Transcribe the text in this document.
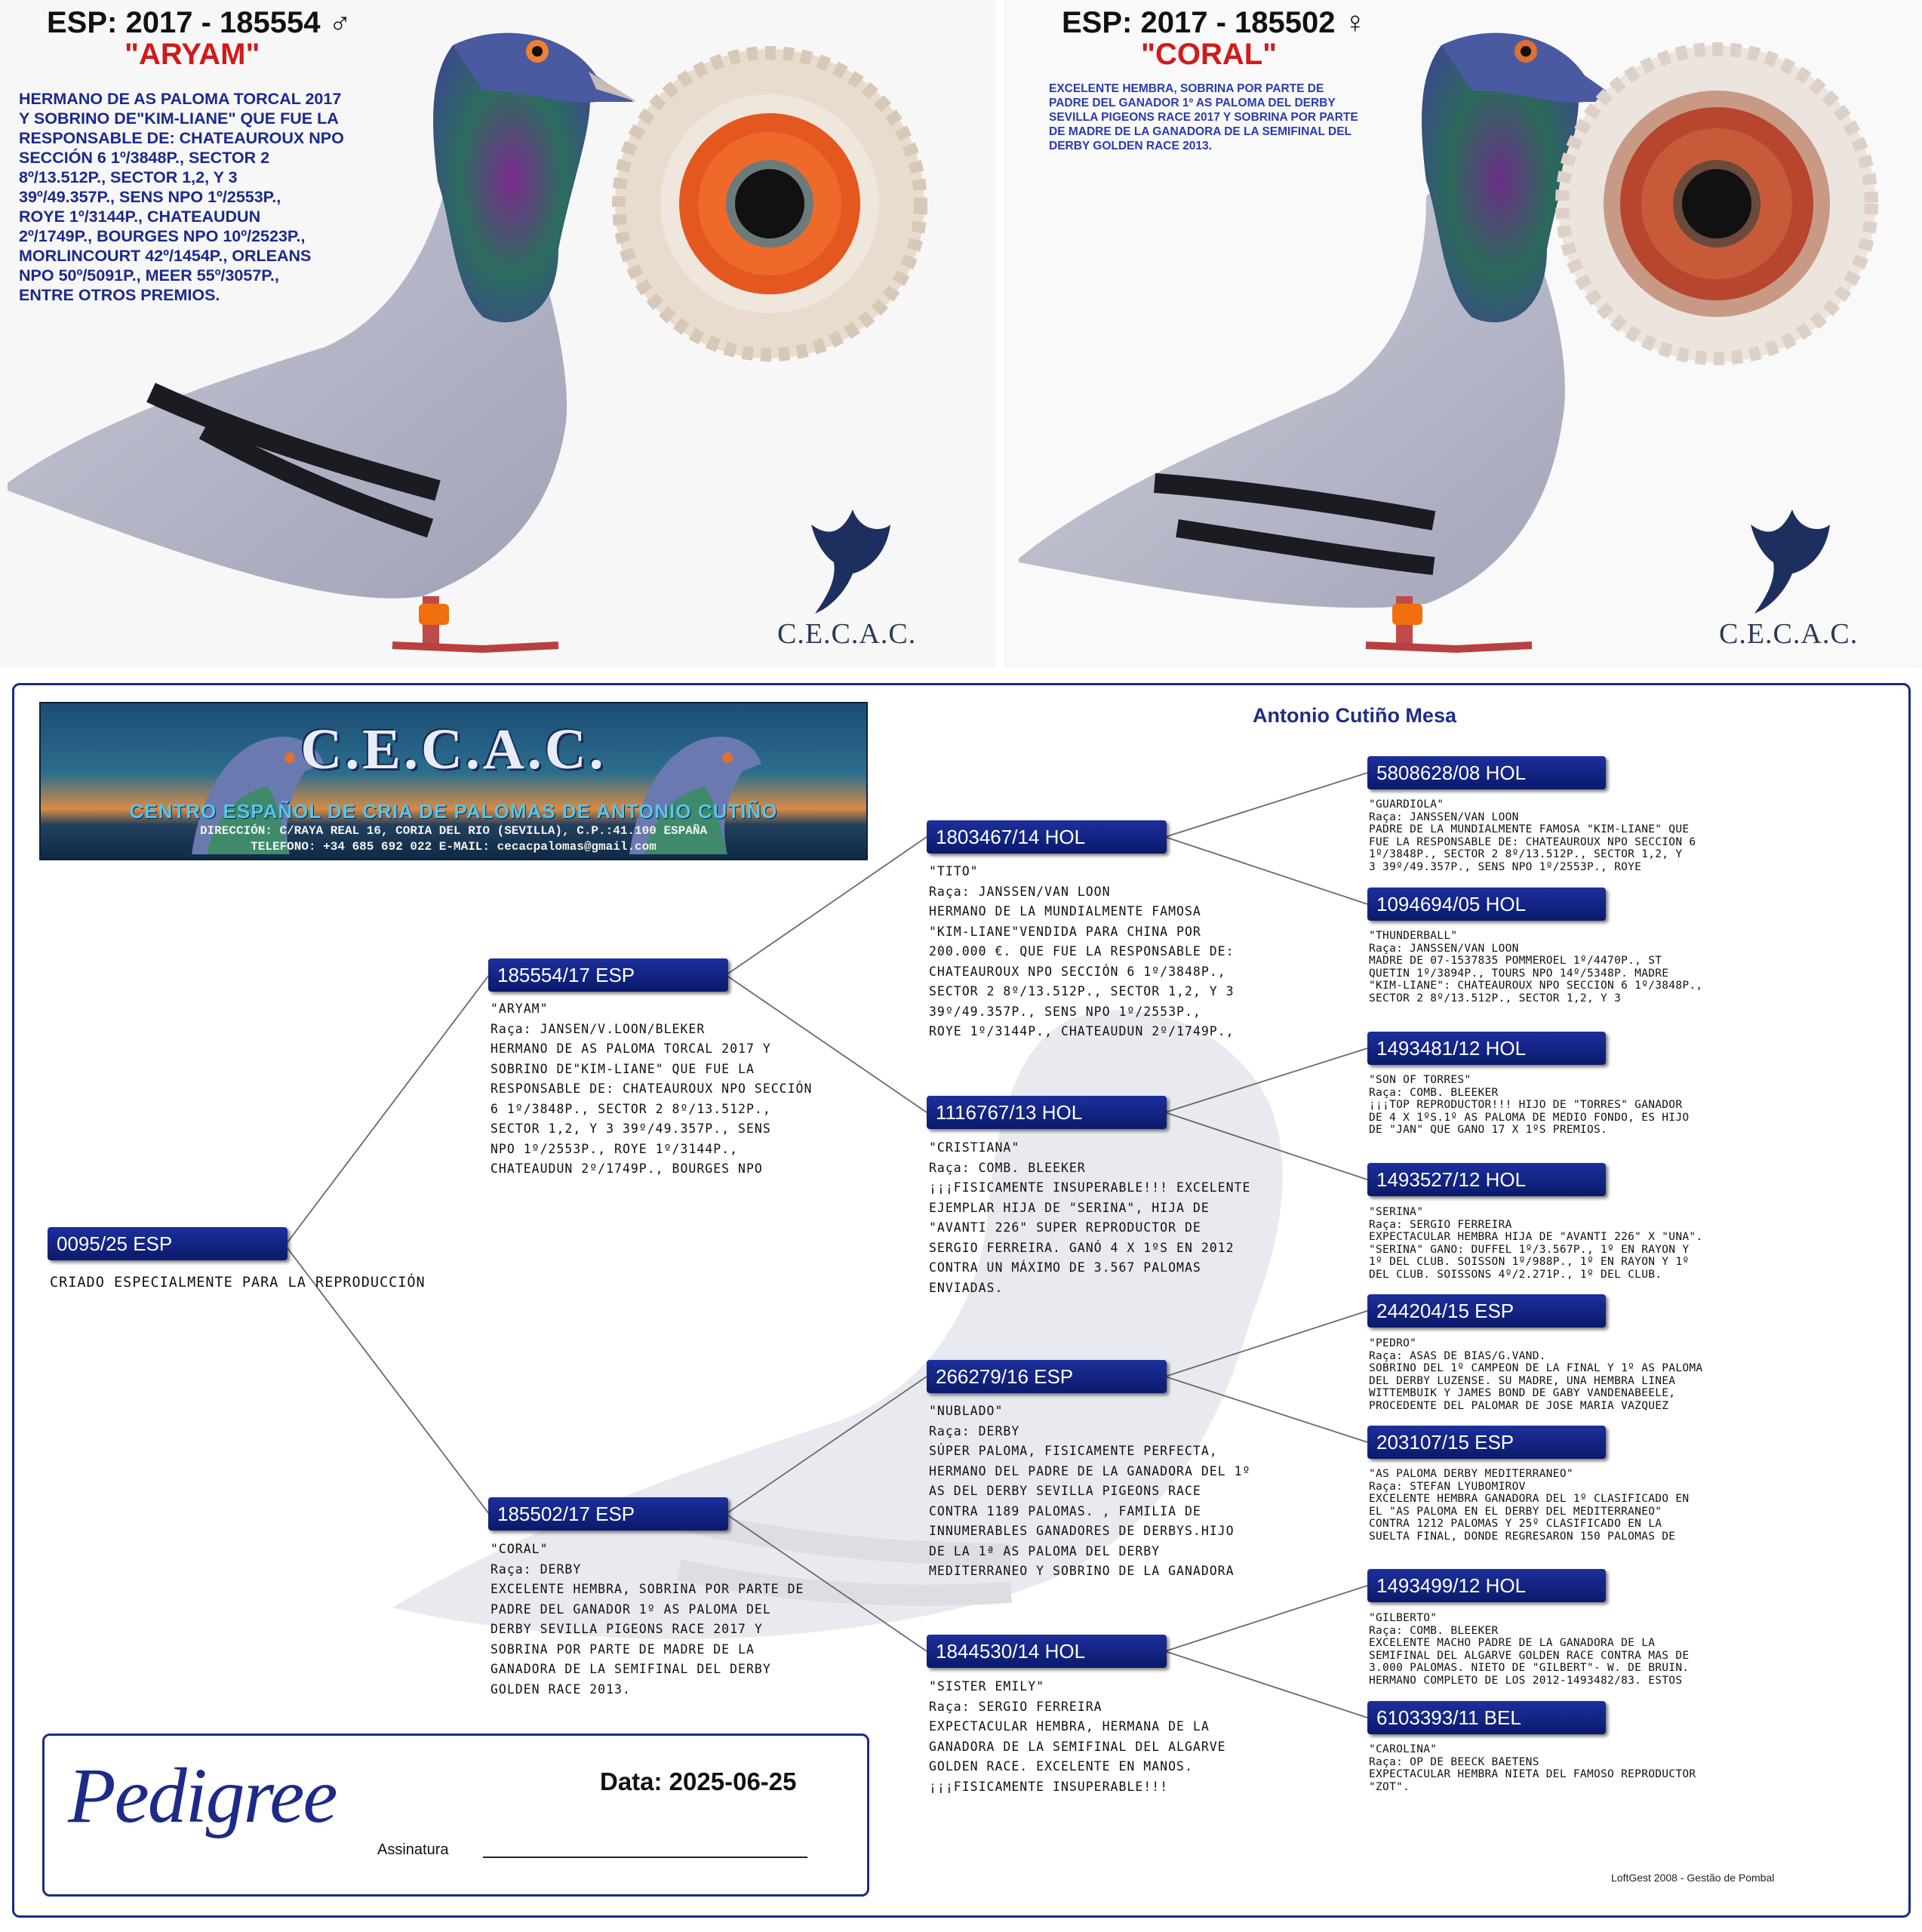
ESP: 2017 - 185554 ♂
"ARYAM"
HERMANO DE AS PALOMA TORCAL 2017
Y SOBRINO DE"KIM-LIANE" QUE FUE LA
RESPONSABLE DE: CHATEAUROUX NPO
SECCIÓN 6 1º/3848P., SECTOR 2
8º/13.512P., SECTOR 1,2, Y 3
39º/49.357P., SENS NPO 1º/2553P.,
ROYE 1º/3144P., CHATEAUDUN
2º/1749P., BOURGES NPO 10º/2523P.,
MORLINCOURT 42º/1454P., ORLEANS
NPO 50º/5091P., MEER 55º/3057P.,
ENTRE OTROS PREMIOS.
C.E.C.A.C.
ESP: 2017 - 185502 ♀
"CORAL"
EXCELENTE HEMBRA, SOBRINA POR PARTE DE
PADRE DEL GANADOR 1º AS PALOMA DEL DERBY
SEVILLA PIGEONS RACE 2017 Y SOBRINA POR PARTE
DE MADRE DE LA GANADORA DE LA SEMIFINAL DEL
DERBY GOLDEN RACE 2013.
C.E.C.A.C.
C.E.C.A.C.
CENTRO ESPAÑOL DE CRIA DE PALOMAS DE ANTONIO CUTIÑO
DIRECCIÓN: C/RAYA REAL 16, CORIA DEL RIO (SEVILLA), C.P.:41.100 ESPAÑA
TELEFONO: +34 685 692 022 E-MAIL: cecacpalomas@gmail.com
Antonio Cutiño Mesa
0095/25 ESP
CRIADO ESPECIALMENTE PARA LA REPRODUCCIÓN
185554/17 ESP
"ARYAM"
Raça: JANSEN/V.LOON/BLEKER
HERMANO DE AS PALOMA TORCAL 2017 Y
SOBRINO DE"KIM-LIANE" QUE FUE LA
RESPONSABLE DE: CHATEAUROUX NPO SECCIÓN
6 1º/3848P., SECTOR 2 8º/13.512P.,
SECTOR 1,2, Y 3 39º/49.357P., SENS
NPO 1º/2553P., ROYE 1º/3144P.,
CHATEAUDUN 2º/1749P., BOURGES NPO
185502/17 ESP
"CORAL"
Raça: DERBY
EXCELENTE HEMBRA, SOBRINA POR PARTE DE
PADRE DEL GANADOR 1º AS PALOMA DEL
DERBY SEVILLA PIGEONS RACE 2017 Y
SOBRINA POR PARTE DE MADRE DE LA
GANADORA DE LA SEMIFINAL DEL DERBY
GOLDEN RACE 2013.
1803467/14 HOL
"TITO"
Raça: JANSSEN/VAN LOON
HERMANO DE LA MUNDIALMENTE FAMOSA
"KIM-LIANE"VENDIDA PARA CHINA POR
200.000 €. QUE FUE LA RESPONSABLE DE:
CHATEAUROUX NPO SECCIÓN 6 1º/3848P.,
SECTOR 2 8º/13.512P., SECTOR 1,2, Y 3
39º/49.357P., SENS NPO 1º/2553P.,
ROYE 1º/3144P., CHATEAUDUN 2º/1749P.,
1116767/13 HOL
"CRISTIANA"
Raça: COMB. BLEEKER
¡¡¡FISICAMENTE INSUPERABLE!!! EXCELENTE
EJEMPLAR HIJA DE "SERINA", HIJA DE
"AVANTI 226" SUPER REPRODUCTOR DE
SERGIO FERREIRA. GANÓ 4 X 1ºS EN 2012
CONTRA UN MÁXIMO DE 3.567 PALOMAS
ENVIADAS.
266279/16 ESP
"NUBLADO"
Raça: DERBY
SÚPER PALOMA, FISICAMENTE PERFECTA,
HERMANO DEL PADRE DE LA GANADORA DEL 1º
AS DEL DERBY SEVILLA PIGEONS RACE
CONTRA 1189 PALOMAS. , FAMILIA DE
INNUMERABLES GANADORES DE DERBYS.HIJO
DE LA 1ª AS PALOMA DEL DERBY
MEDITERRANEO Y SOBRINO DE LA GANADORA
1844530/14 HOL
"SISTER EMILY"
Raça: SERGIO FERREIRA
EXPECTACULAR HEMBRA, HERMANA DE LA
GANADORA DE LA SEMIFINAL DEL ALGARVE
GOLDEN RACE. EXCELENTE EN MANOS.
¡¡¡FISICAMENTE INSUPERABLE!!!
5808628/08 HOL
"GUARDIOLA"
Raça: JANSSEN/VAN LOON
PADRE DE LA MUNDIALMENTE FAMOSA "KIM-LIANE" QUE
FUE LA RESPONSABLE DE: CHATEAUROUX NPO SECCIÓN 6
1º/3848P., SECTOR 2 8º/13.512P., SECTOR 1,2, Y
3 39º/49.357P., SENS NPO 1º/2553P., ROYE
1094694/05 HOL
"THUNDERBALL"
Raça: JANSSEN/VAN LOON
MADRE DE 07-1537835 POMMEROEL 1º/4470P., ST
QUETIN 1º/3894P., TOURS NPO 14º/5348P. MADRE
"KIM-LIANE": CHATEAUROUX NPO SECCIÓN 6 1º/3848P.,
SECTOR 2 8º/13.512P., SECTOR 1,2, Y 3
1493481/12 HOL
"SON OF TORRES"
Raça: COMB. BLEEKER
¡¡¡TOP REPRODUCTOR!!! HIJO DE "TORRES" GANADOR
DE 4 X 1ºS.1º AS PALOMA DE MEDIO FONDO, ES HIJO
DE "JAN" QUE GANO 17 X 1ºS PREMIOS.
1493527/12 HOL
"SERINA"
Raça: SERGIO FERREIRA
EXPECTACULAR HEMBRA HIJA DE "AVANTI 226" X "UNA".
"SERINA" GANO: DUFFEL 1º/3.567P., 1º EN RAYON Y
1º DEL CLUB. SOISSON 1º/988P., 1º EN RAYON Y 1º
DEL CLUB. SOISSONS 4º/2.271P., 1º DEL CLUB.
244204/15 ESP
"PEDRO"
Raça: ASAS DE BIAS/G.VAND.
SOBRINO DEL 1º CAMPEON DE LA FINAL Y 1º AS PALOMA
DEL DERBY LUZENSE. SU MADRE, UNA HEMBRA LINEA
WITTEMBUIK Y JAMES BOND DE GABY VANDENABEELE,
PROCEDENTE DEL PALOMAR DE JOSE MARIA VAZQUEZ
203107/15 ESP
"AS PALOMA DERBY MEDITERRANEO"
Raça: STEFAN LYUBOMIROV
EXCELENTE HEMBRA GANADORA DEL 1º CLASIFICADO EN
EL "AS PALOMA EN EL DERBY DEL MEDITERRANEO"
CONTRA 1212 PALOMAS Y 25º CLASIFICADO EN LA
SUELTA FINAL, DONDE REGRESARON 150 PALOMAS DE
1493499/12 HOL
"GILBERTO"
Raça: COMB. BLEEKER
EXCELENTE MACHO PADRE DE LA GANADORA DE LA
SEMIFINAL DEL ALGARVE GOLDEN RACE CONTRA MAS DE
3.000 PALOMAS. NIETO DE "GILBERT"- W. DE BRUIN.
HERMANO COMPLETO DE LOS 2012-1493482/83. ESTOS
6103393/11 BEL
"CAROLINA"
Raça: OP DE BEECK BAETENS
EXPECTACULAR HEMBRA NIETA DEL FAMOSO REPRODUCTOR
"ZOT".
Pedigree	Data: 2025-06-25
Assinatura
LoftGest 2008 - Gestão de Pombal
